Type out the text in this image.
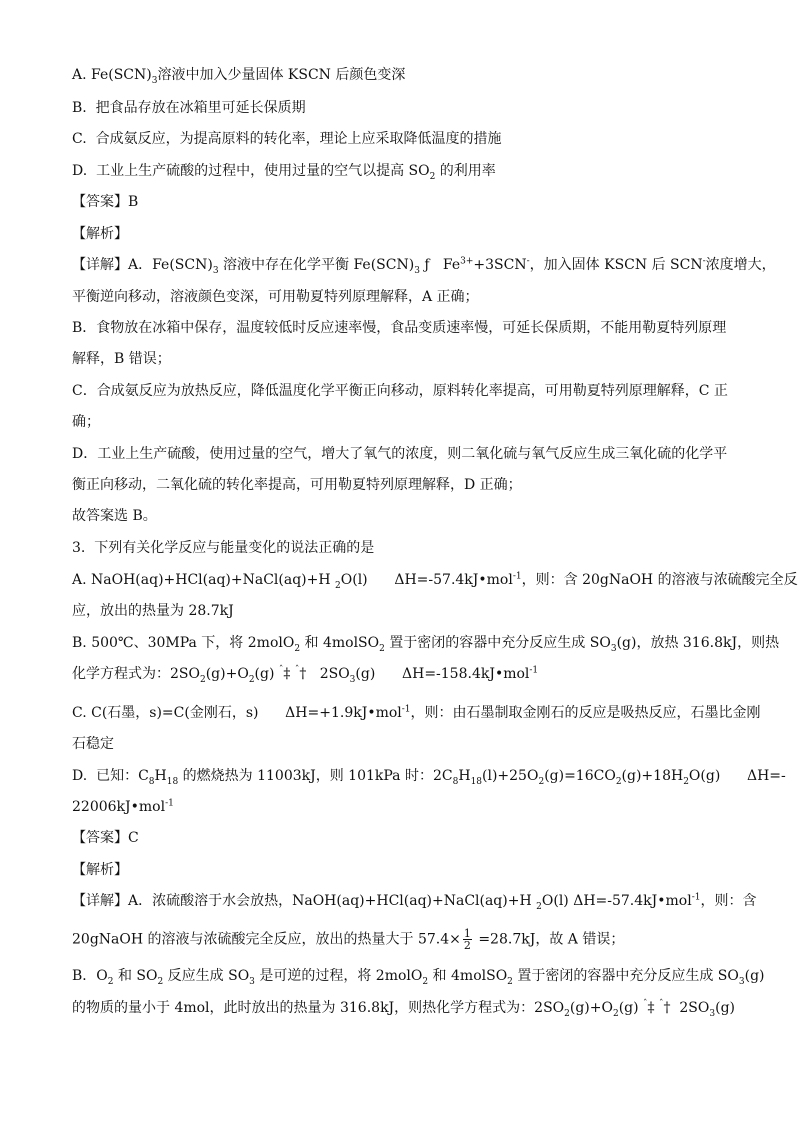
A. $Fe(SCN)_3$溶液中加入少量固体 KSCN 后颜色变深
B.  把食品存放在冰箱里可延长保质期
C.  合成氨反应，为提高原料的转化率，理论上应采取降低温度的措施
D.  工业上生产硫酸的过程中，使用过量的空气以提高 $SO_2$ 的利用率
【答案】B
【解析】
【详解】A．$Fe(SCN)_3$ 溶液中存在化学平衡 $Fe(SCN)_3$ ƒ   $Fe^{3+}+3SCN^-$，加入固体 KSCN 后 SCN-浓度增大，
平衡逆向移动，溶液颜色变深，可用勒夏特列原理解释，A 正确；
B．食物放在冰箱中保存，温度较低时反应速率慢，食品变质速率慢，可延长保质期，不能用勒夏特列原理
解释，B 错误；
C．合成氨反应为放热反应，降低温度化学平衡正向移动，原料转化率提高，可用勒夏特列原理解释，C 正
确；
D．工业上生产硫酸，使用过量的空气，增大了氧气的浓度，则二氧化硫与氧气反应生成三氧化硫的化学平
衡正向移动，二氧化硫的转化率提高，可用勒夏特列原理解释，D 正确；
故答案选 B。
3.  下列有关化学反应与能量变化的说法正确的是
A. NaOH(aq)+HCl(aq)+NaCl(aq)+H $_2$O(l)      ΔH=-57.4kJ•mol$^{-1}$，则：含 20gNaOH 的溶液与浓硫酸完全反
应，放出的热量为 28.7kJ
B. 500℃、30MPa 下，将 2molO$_2$ 和 4molSO$_2$ 置于密闭的容器中充分反应生成 $SO_3(g)$，放热 316.8kJ，则热
化学方程式为：$2SO_2(g)+O_2(g)$ $^ˆ$‡ $^ˆ$†   $2SO_3(g)$      ΔH=-158.4kJ•mol$^{-1}$
C. C(石墨，s)=C(金刚石，s)      ΔH=+1.9kJ•mol$^{-1}$，则：由石墨制取金刚石的反应是吸热反应，石墨比金刚
石稳定
D.  已知：$C_8H_{18}$ 的燃烧热为 11003kJ，则 101kPa 时：$2C_8H_{18}(l)+25O_2(g)=16CO_2(g)+18H_2O(g)$      ΔH=-
22006kJ•mol$^{-1}$
【答案】C
【解析】
【详解】A．浓硫酸溶于水会放热，NaOH(aq)+HCl(aq)+NaCl(aq)+H $_2$O(l) ΔH=-57.4kJ•mol$^{-1}$，则：含
20gNaOH 的溶液与浓硫酸完全反应，放出的热量大于 $57.4\times \frac{1}{2} =28.7kJ$，故 A 错误；
B．$O_2$ 和 $SO_2$ 反应生成 $SO_3$ 是可逆的过程，将 2molO$_2$ 和 4molSO$_2$ 置于密闭的容器中充分反应生成 $SO_3(g)$
的物质的量小于 4mol，此时放出的热量为 316.8kJ，则热化学方程式为：$2SO_2(g)+O_2(g)$ $^ˆ$‡ $^ˆ$†  $2SO_3(g)$
